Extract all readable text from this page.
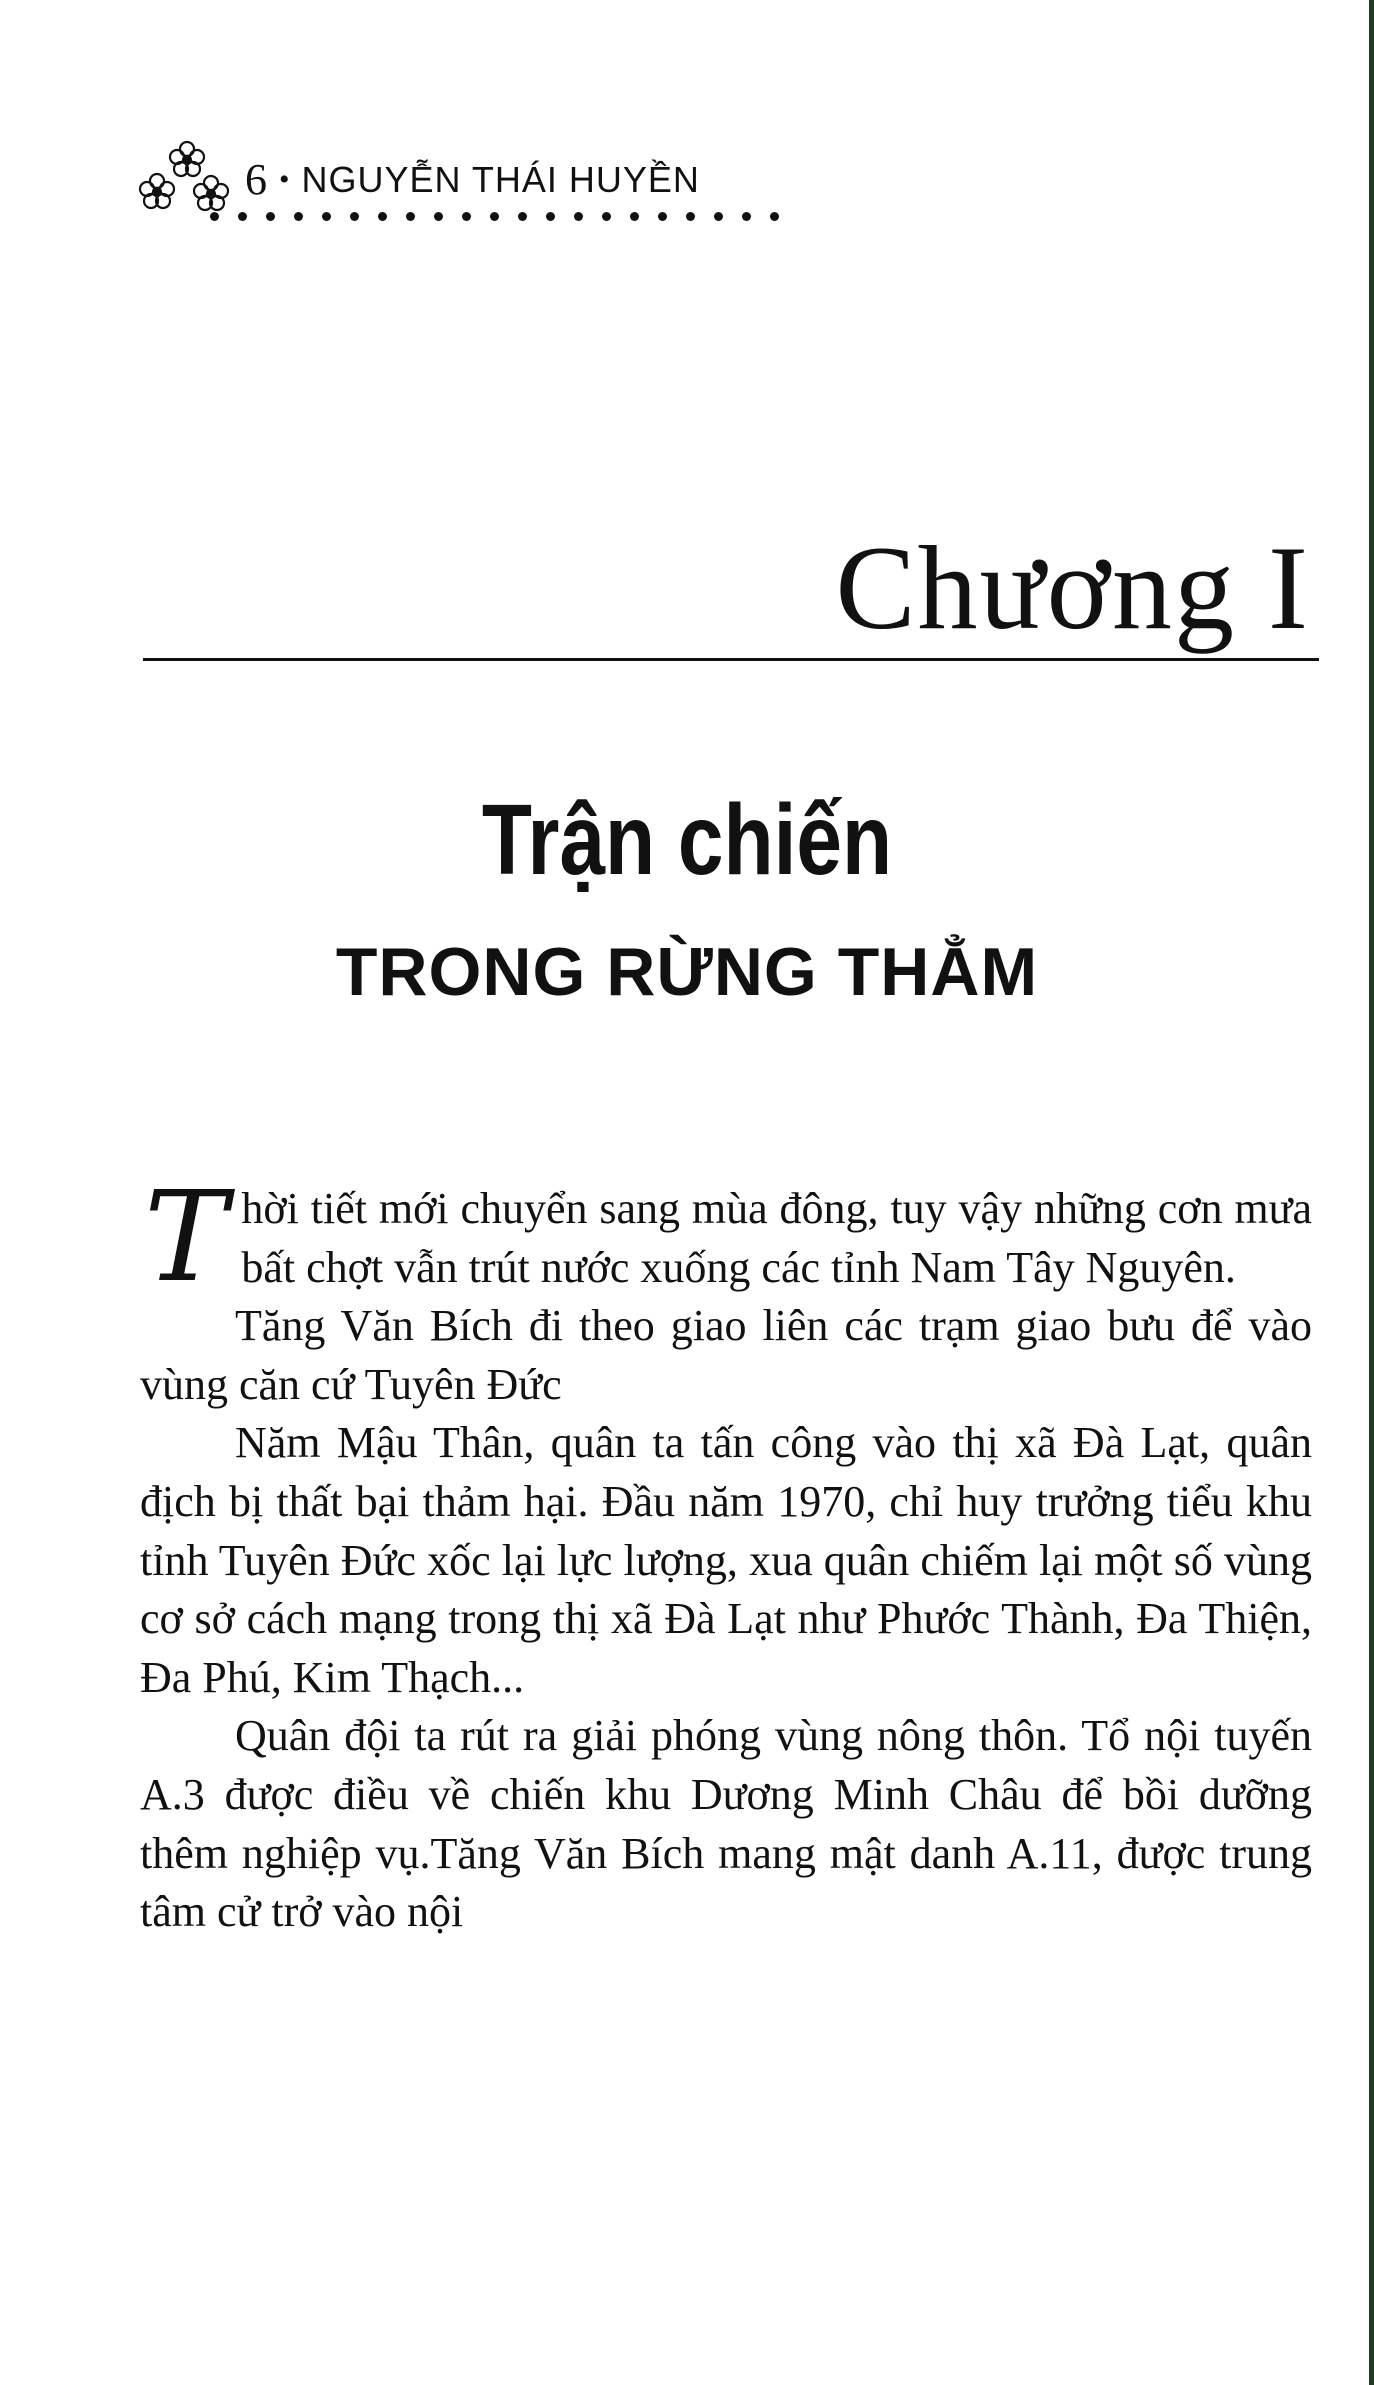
6 • NGUYỄN THÁI HUYỀN
Chương I
Trận chiến
TRONG RỪNG THẲM

Thời tiết mới chuyển sang mùa đông, tuy vậy những cơn mưa bất chợt vẫn trút nước xuống các tỉnh Nam Tây Nguyên.

Tăng Văn Bích đi theo giao liên các trạm giao bưu để vào vùng căn cứ Tuyên Đức

Năm Mậu Thân, quân ta tấn công vào thị xã Đà Lạt, quân địch bị thất bại thảm hại. Đầu năm 1970, chỉ huy trưởng tiểu khu tỉnh Tuyên Đức xốc lại lực lượng, xua quân chiếm lại một số vùng cơ sở cách mạng trong thị xã Đà Lạt như Phước Thành, Đa Thiện, Đa Phú, Kim Thạch...

Quân đội ta rút ra giải phóng vùng nông thôn. Tổ nội tuyến A.3 được điều về chiến khu Dương Minh Châu để bồi dưỡng thêm nghiệp vụ.Tăng Văn Bích mang mật danh A.11, được trung tâm cử trở vào nội
